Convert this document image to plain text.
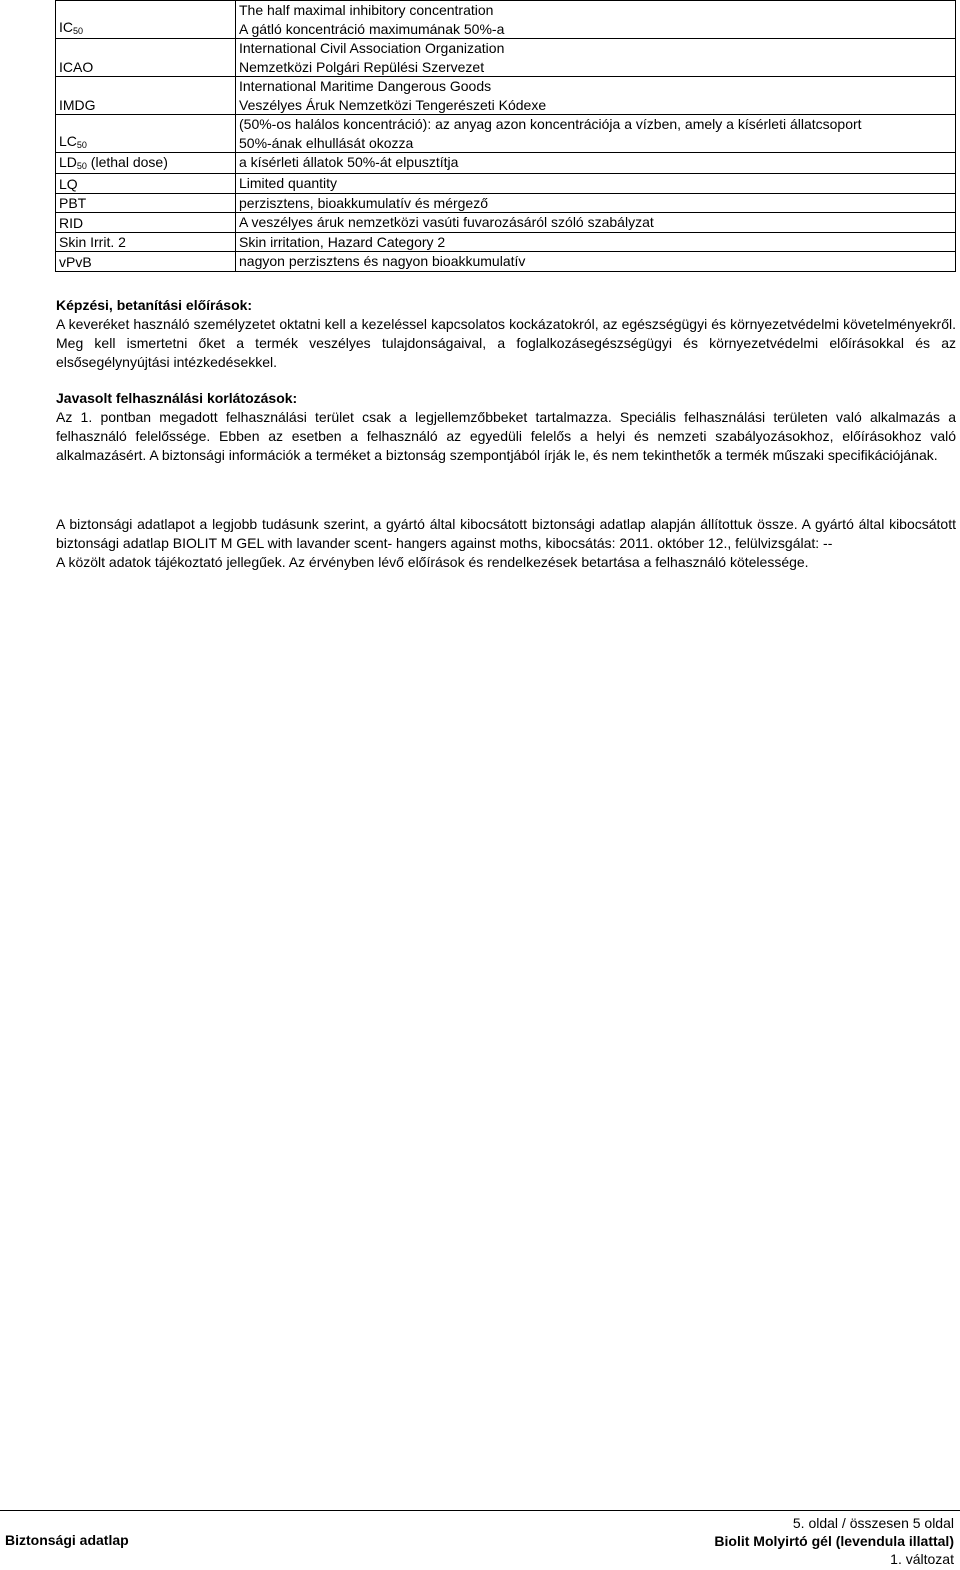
IC50	The half maximal inhibitory concentration
A gátló koncentráció maximumának 50%-a

ICAO	International Civil Association Organization
Nemzetközi Polgári Repülési Szervezet

IMDG	International Maritime Dangerous Goods
Veszélyes Áruk Nemzetközi Tengerészeti Kódexe

LC50	(50%-os halálos koncentráció): az anyag azon koncentrációja a vízben, amely a kísérleti állatcsoport
50%-ának elhullását okozza

LD50 (lethal dose)	a kísérleti állatok 50%-át elpusztítja

LQ	Limited quantity

PBT	perzisztens, bioakkumulatív és mérgező

RID	A veszélyes áruk nemzetközi vasúti fuvarozásáról szóló szabályzat

Skin Irrit. 2	Skin irritation, Hazard Category 2

vPvB	nagyon perzisztens és nagyon bioakkumulatív
Képzési, betanítási előírások:
A keveréket használó személyzetet oktatni kell a kezeléssel kapcsolatos kockázatokról, az egészségügyi és környezetvédelmi követelményekről. Meg kell ismertetni őket a termék veszélyes tulajdonságaival, a foglalkozásegészségügyi és környezetvédelmi előírásokkal és az elsősegélynyújtási intézkedésekkel.
Javasolt felhasználási korlátozások:
Az 1. pontban megadott felhasználási terület csak a legjellemzőbbeket tartalmazza. Speciális felhasználási területen való alkalmazás a felhasználó felelőssége. Ebben az esetben a felhasználó az egyedüli felelős a helyi és nemzeti szabályozásokhoz, előírásokhoz való alkalmazásért. A biztonsági információk a terméket a biztonság szempontjából írják le, és nem tekinthetők a termék műszaki specifikációjának.
A biztonsági adatlapot a legjobb tudásunk szerint, a gyártó által kibocsátott biztonsági adatlap alapján állítottuk össze. A gyártó által kibocsátott biztonsági adatlap BIOLIT M GEL with lavander scent- hangers against moths, kibocsátás: 2011. október 12., felülvizsgálat: --
A közölt adatok tájékoztató jellegűek. Az érvényben lévő előírások és rendelkezések betartása a felhasználó kötelessége.
Biztonsági adatlap
5. oldal / összesen 5 oldal
Biolit Molyirtó gél (levendula illattal)
1. változat
